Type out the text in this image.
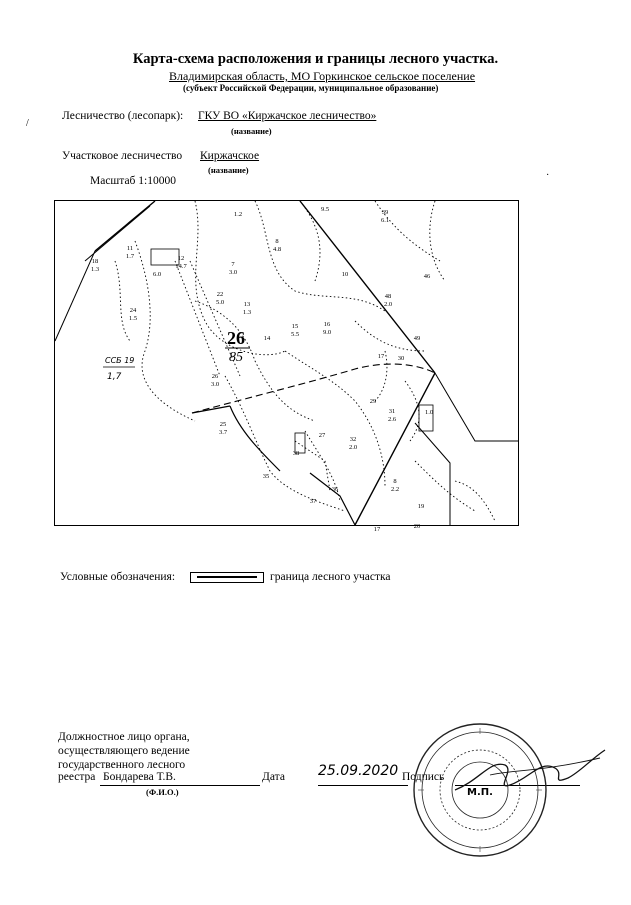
Карта-схема расположения и границы лесного участка.
Владимирская область, МО Горкинское сельское поселение
(субъект Российской Федерации, муниципальное образование)
Лесничество (лесопарк): ГКУ ВО «Киржачское лесничество»
(название)
Участковое лесничество Киржачское
(название)
Масштаб 1:10000
1.2
8
4.8
9.5	39
6.1
11
1.7	12
14.7	7
3.0	10	46
48
2.0
22
5.0	13
1.3
15
5.5
16
9.0
49
14
17 30
24
1.5
26
3.0
29
31
2.6
25
3.7	27
32
2.0
38
35
37
36
8
2.2
19
20
17
1.0
18
1.3
6.0
26
85
ССБ 19
1,7
Условные обозначения:	граница лесного участка
Должностное лицо органа,
осуществляющего ведение
государственного лесного
реестра Бондарева Т.В.
(Ф.И.О.)
Дата 25.09.2020 Подпись
М.П.
/
·
